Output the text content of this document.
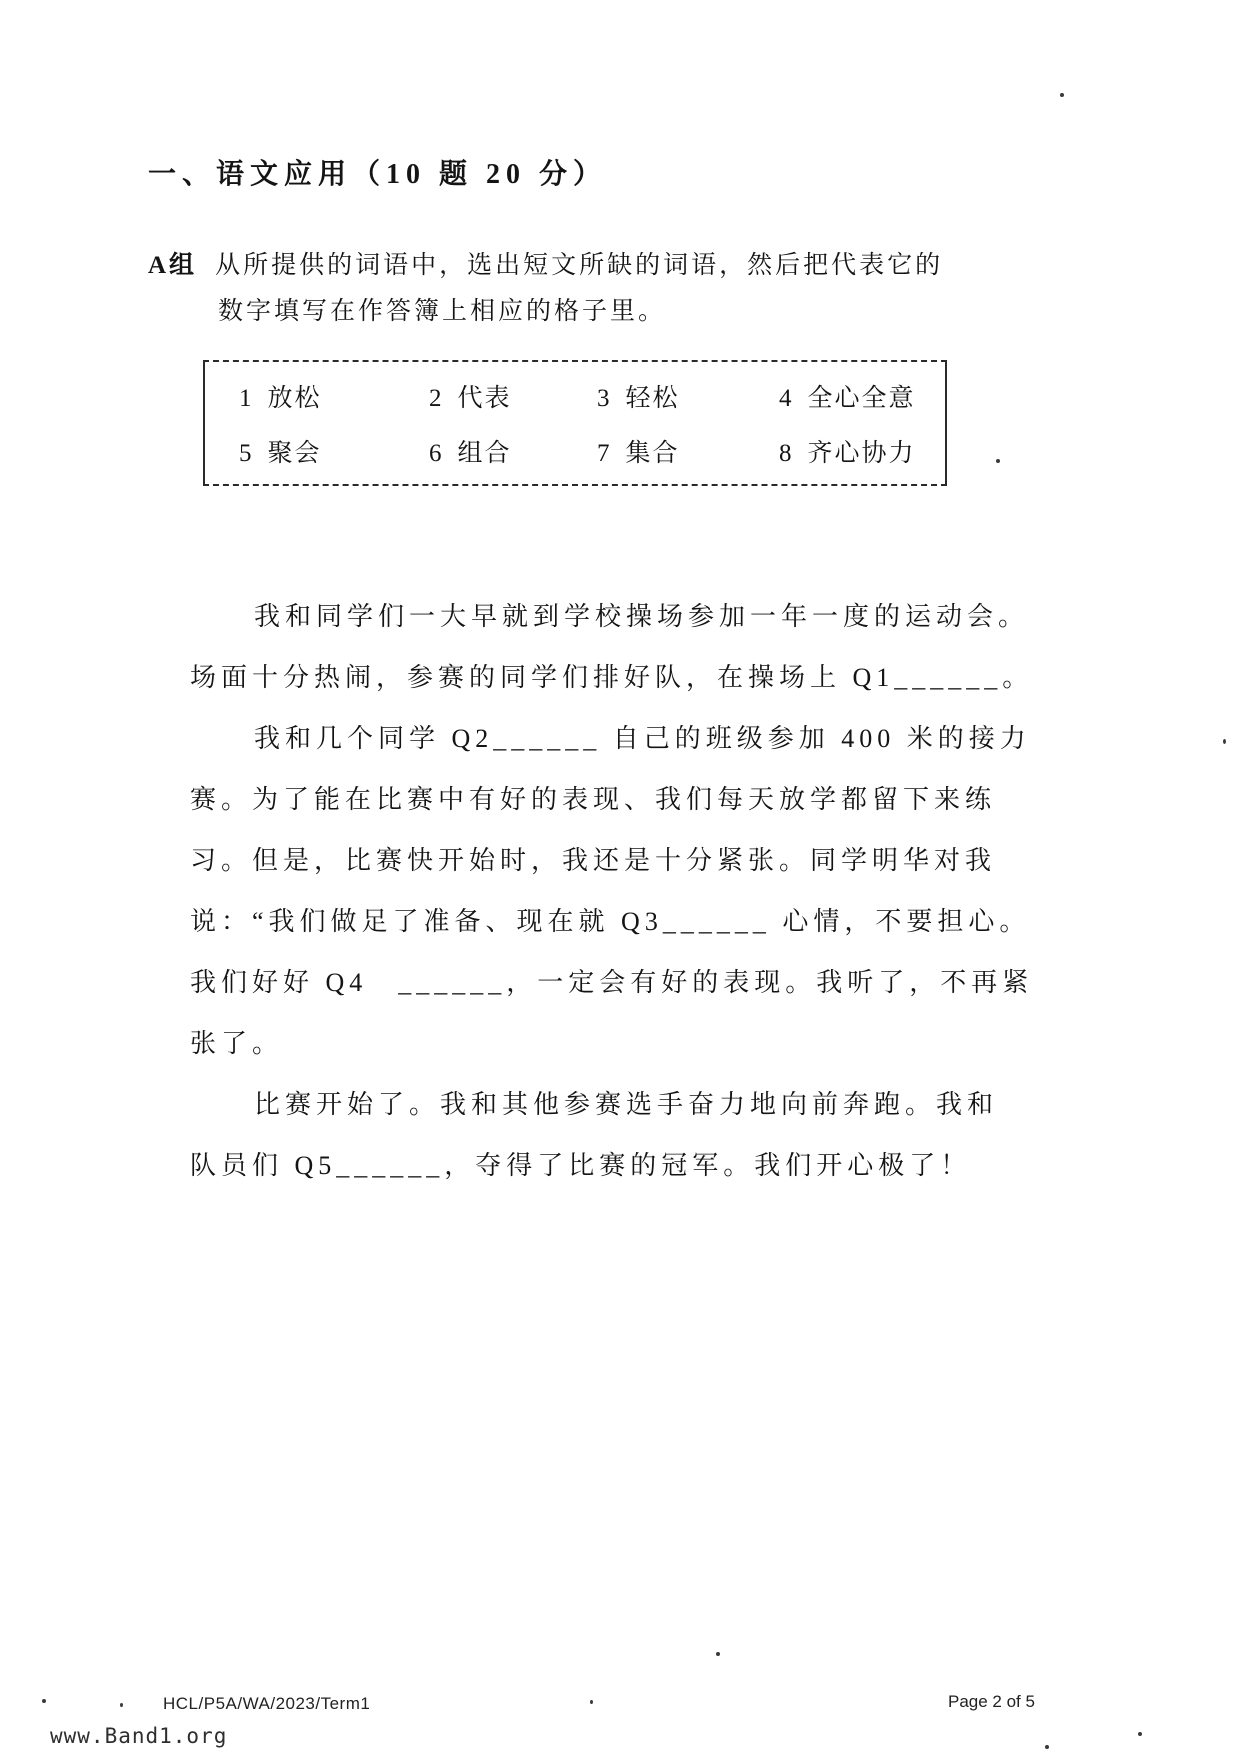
一、语文应用（10 题 20 分）
A组 从所提供的词语中，选出短文所缺的词语，然后把代表它的
数字填写在作答簿上相应的格子里。
1 放松	2 代表	3 轻松	4 全心全意
5 聚会	6 组合	7 集合	8 齐心协力
我和同学们一大早就到学校操场参加一年一度的运动会。
场面十分热闹，参赛的同学们排好队，在操场上 Q1______。
我和几个同学 Q2______ 自己的班级参加 400 米的接力
赛。为了能在比赛中有好的表现、我们每天放学都留下来练
习。但是，比赛快开始时，我还是十分紧张。同学明华对我
说：“我们做足了准备、现在就 Q3______ 心情，不要担心。
我们好好 Q4　______，一定会有好的表现。我听了，不再紧
张了。
比赛开始了。我和其他参赛选手奋力地向前奔跑。我和
队员们 Q5______，夺得了比赛的冠军。我们开心极了！
HCL/P5A/WA/2023/Term1	Page 2 of 5
www.Band1.org
